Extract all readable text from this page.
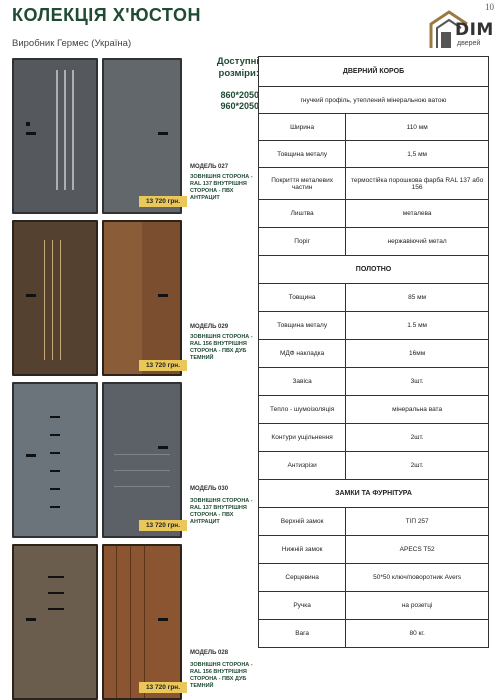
КОЛЕКЦІЯ Х'ЮСТОН
Виробник Гермес (Україна)
10
DIM
дверей
Доступні розміри:
860*2050
960*2050
МОДЕЛЬ 027
ЗОВНІШНЯ СТОРОНА - RAL 137 ВНУТРІШНЯ СТОРОНА - ПВХ АНТРАЦИТ
13 720 грн.
МОДЕЛЬ 029
ЗОВНІШНЯ СТОРОНА - RAL 156 ВНУТРІШНЯ СТОРОНА - ПВХ ДУБ ТЕМНИЙ
13 720 грн.
МОДЕЛЬ 030
ЗОВНІШНЯ СТОРОНА - RAL 137 ВНУТРІШНЯ СТОРОНА - ПВХ АНТРАЦИТ
13 720 грн.
МОДЕЛЬ 028
ЗОВНІШНЯ СТОРОНА - RAL 156 ВНУТРІШНЯ СТОРОНА - ПВХ ДУБ ТЕМНИЙ
13 720 грн.
ДВЕРНИЙ КОРОБ	
гнучкий профіль, утеплений мінеральною ватою	
Ширина	110 мм
Товщина металу	1,5 мм
Покриття металевих частин	термостійка порошкова фарба RAL 137 або 156
Лиштва	металева
Поріг	нержавіючий метал
ПОЛОТНО	
Товщина	85 мм
Товщина металу	1.5 мм
МДФ накладка	16мм
Завіса	3шт.
Тепло - шумоізоляція	мінеральна вата
Контури ущільнення	2шт.
Антизрізи	2шт.
ЗАМКИ ТА ФУРНІТУРА	
Верхній замок	ТІП 257
Нижній замок	APECS T52
Серцевина	50*50 ключ/поворотник Avers
Ручка	на розетці
Вага	80 кг.
